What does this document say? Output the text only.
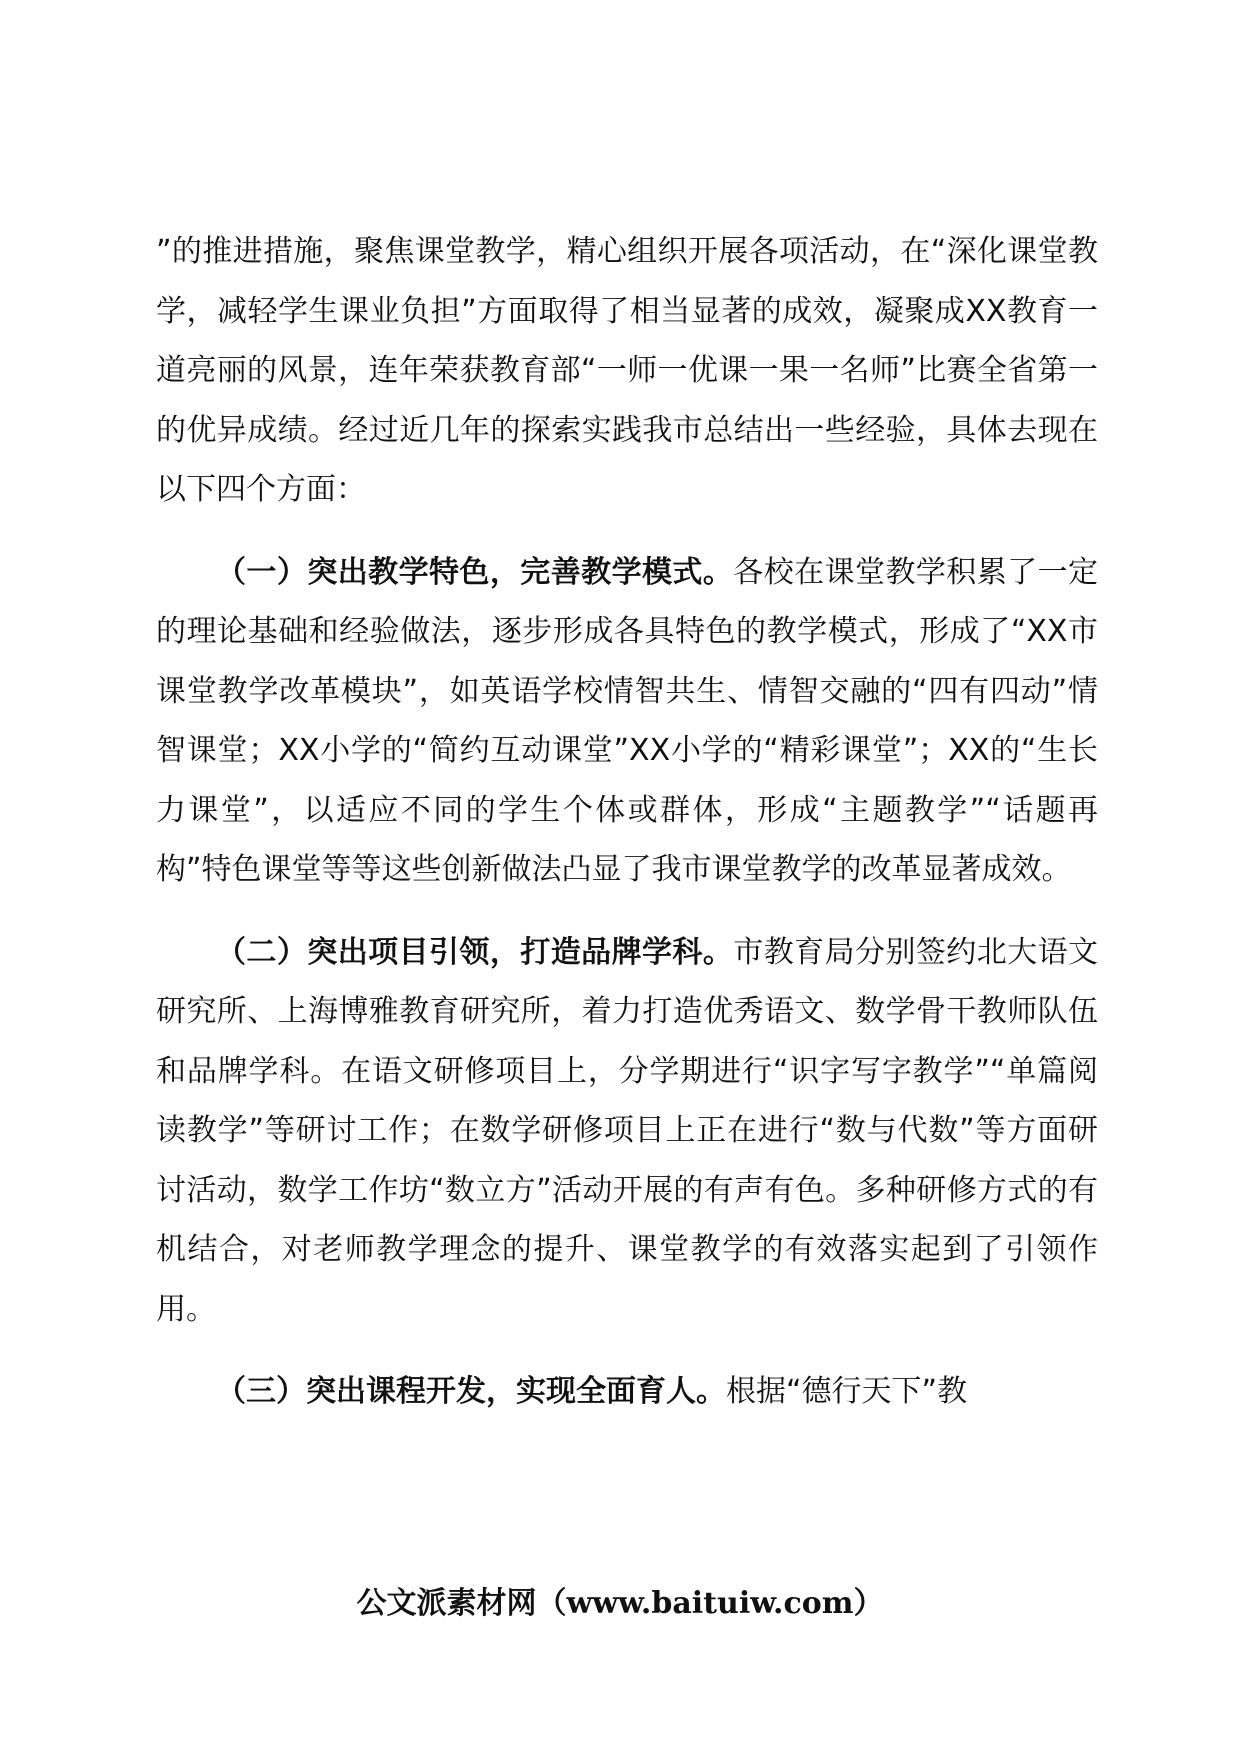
”的推进措施，聚焦课堂教学，精心组织开展各项活动，在“深化课堂教学，减轻学生课业负担”方面取得了相当显著的成效，凝聚成XX教育一道亮丽的风景，连年荣获教育部“一师一优课一果一名师”比赛全省第一的优异成绩。经过近几年的探索实践我市总结出一些经验，具体去现在以下四个方面：

（一）突出教学特色，完善教学模式。各校在课堂教学积累了一定的理论基础和经验做法，逐步形成各具特色的教学模式，形成了“XX市课堂教学改革模块”，如英语学校情智共生、情智交融的“四有四动”情智课堂；XX小学的“简约互动课堂”XX小学的“精彩课堂”；XX的“生长力课堂”，以适应不同的学生个体或群体，形成“主题教学”“话题再构”特色课堂等等这些创新做法凸显了我市课堂教学的改革显著成效。

（二）突出项目引领，打造品牌学科。市教育局分别签约北大语文研究所、上海博雅教育研究所，着力打造优秀语文、数学骨干教师队伍和品牌学科。在语文研修项目上，分学期进行“识字写字教学”“单篇阅读教学”等研讨工作；在数学研修项目上正在进行“数与代数”等方面研讨活动，数学工作坊“数立方”活动开展的有声有色。多种研修方式的有机结合，对老师教学理念的提升、课堂教学的有效落实起到了引领作用。

（三）突出课程开发，实现全面育人。根据“德行天下”教

公文派素材网（www.baituiw.com）
